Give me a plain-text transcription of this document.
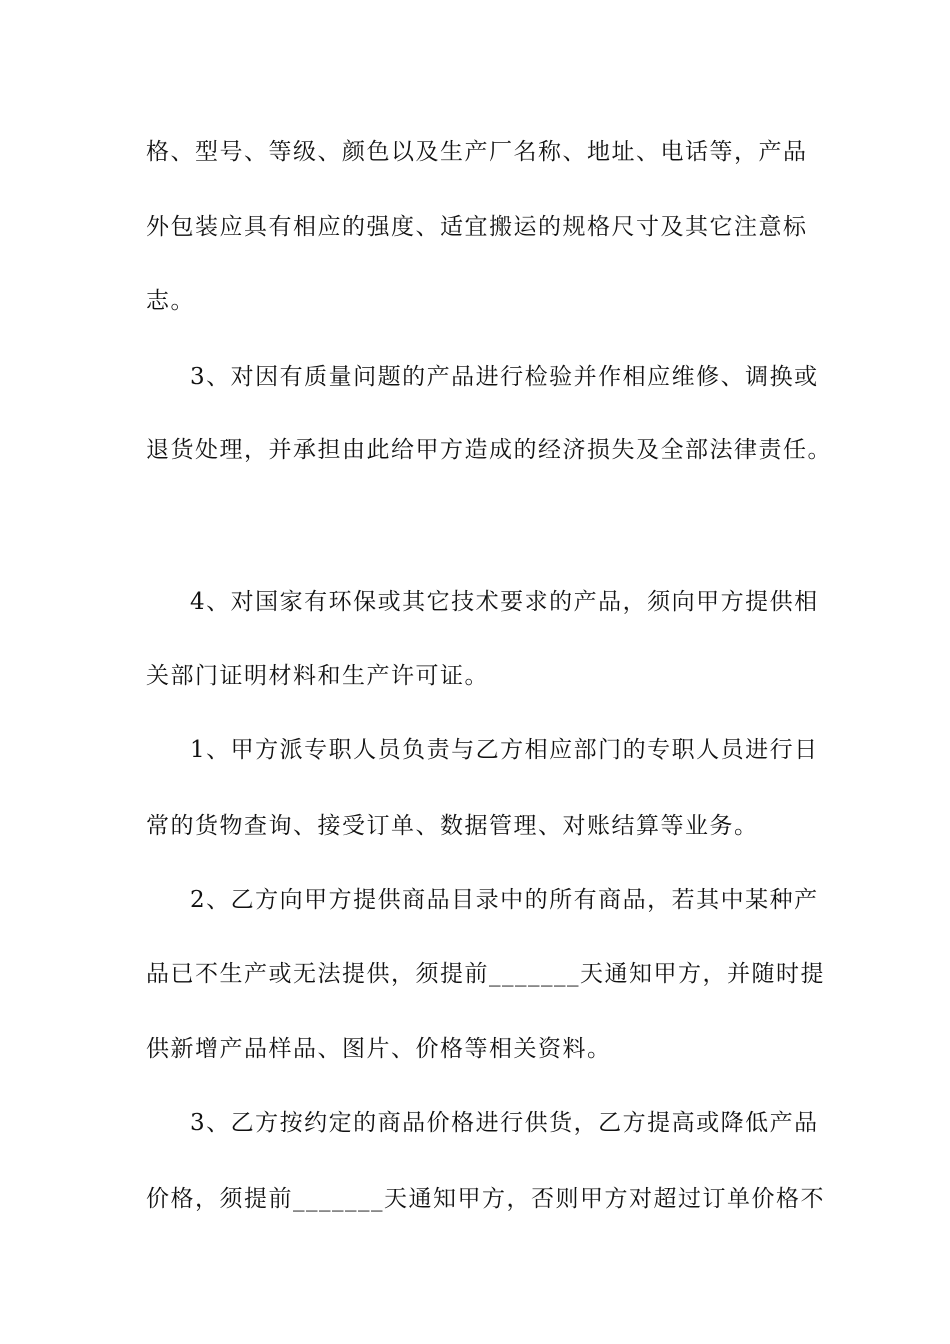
格、型号、等级、颜色以及生产厂名称、地址、电话等，产品
外包装应具有相应的强度、适宜搬运的规格尺寸及其它注意标
志。
3、对因有质量问题的产品进行检验并作相应维修、调换或
退货处理，并承担由此给甲方造成的经济损失及全部法律责任。
4、对国家有环保或其它技术要求的产品，须向甲方提供相
关部门证明材料和生产许可证。
1、甲方派专职人员负责与乙方相应部门的专职人员进行日
常的货物查询、接受订单、数据管理、对账结算等业务。
2、乙方向甲方提供商品目录中的所有商品，若其中某种产
品已不生产或无法提供，须提前_______天通知甲方，并随时提
供新增产品样品、图片、价格等相关资料。
3、乙方按约定的商品价格进行供货，乙方提高或降低产品
价格，须提前_______天通知甲方，否则甲方对超过订单价格不
